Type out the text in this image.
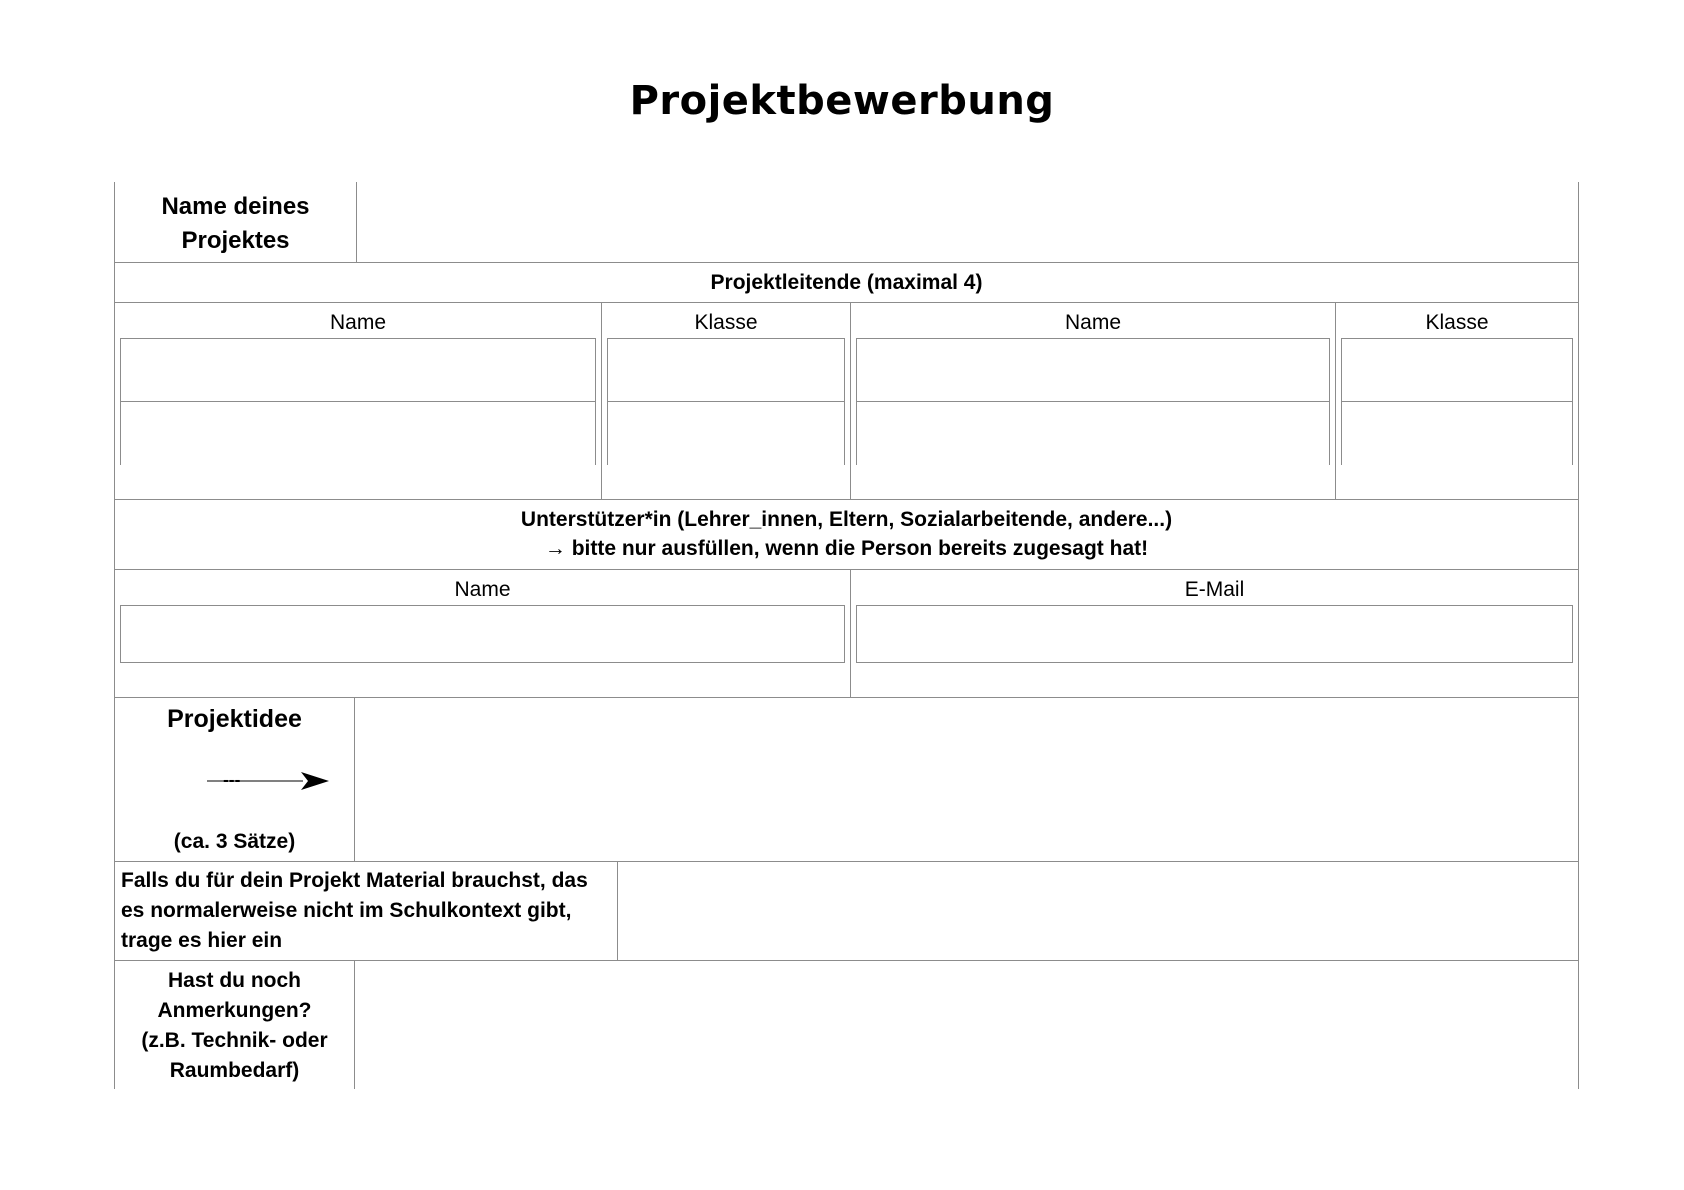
Projektbewerbung
Name deines
Projektes
Projektleitende (maximal 4)
Name	Klasse	Name	Klasse
Unterstützer*in (Lehrer_innen, Eltern, Sozialarbeitende, andere...)
→ bitte nur ausfüllen, wenn die Person bereits zugesagt hat!
Name	E-Mail
Projektidee
---
(ca. 3 Sätze)
Falls du für dein Projekt Material brauchst, das
es normalerweise nicht im Schulkontext gibt,
trage es hier ein
Hast du noch
Anmerkungen?
(z.B. Technik- oder
Raumbedarf)
